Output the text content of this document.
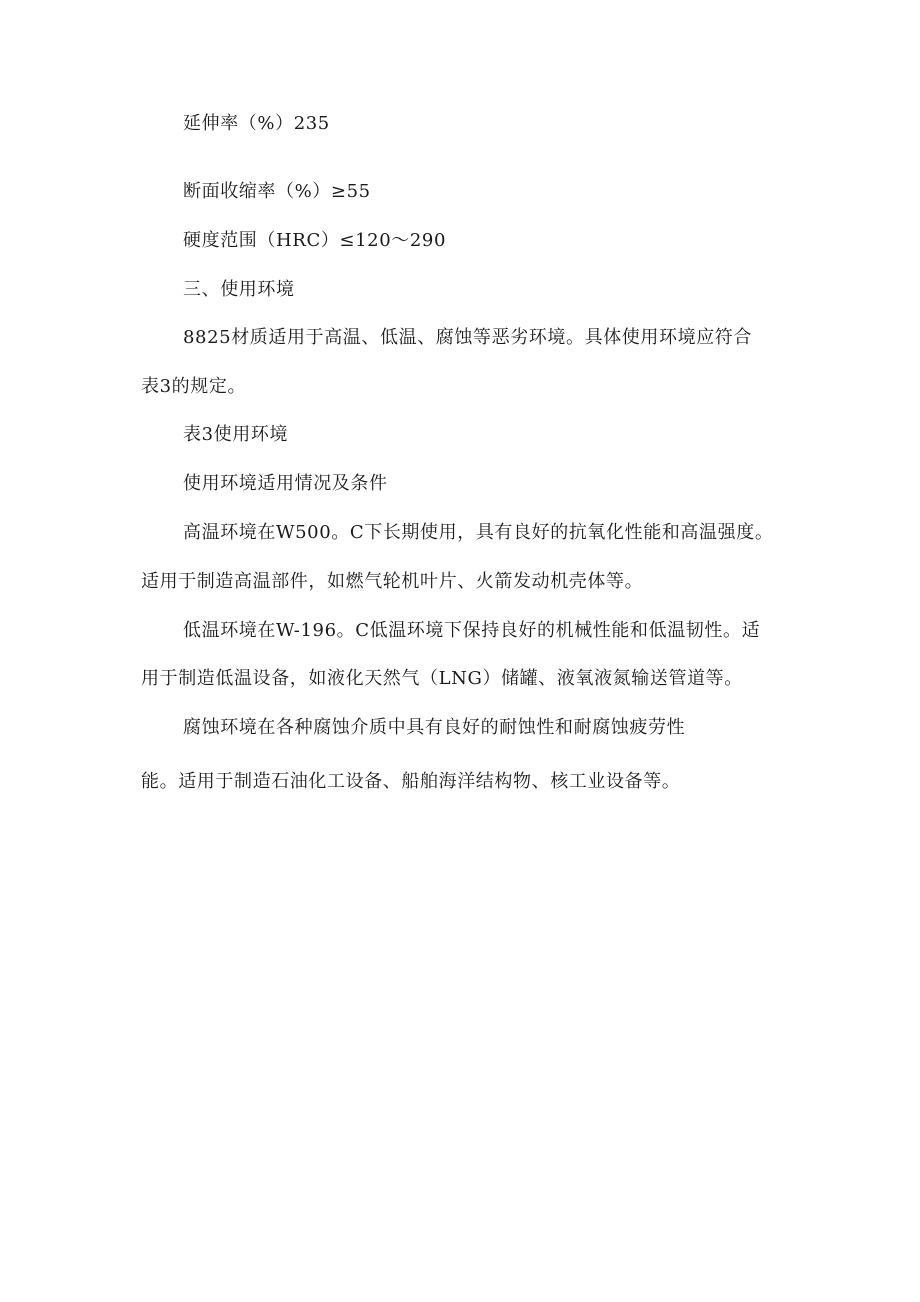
延伸率（%）235
断面收缩率（%）≥55
硬度范围（HRC）≤120～290
三、使用环境
8825材质适用于高温、低温、腐蚀等恶劣环境。具体使用环境应符合
表3的规定。
表3使用环境
使用环境适用情况及条件
高温环境在W500。C下长期使用，具有良好的抗氧化性能和高温强度。
适用于制造高温部件，如燃气轮机叶片、火箭发动机壳体等。
低温环境在W-196。C低温环境下保持良好的机械性能和低温韧性。适
用于制造低温设备，如液化天然气（LNG）储罐、液氧液氮输送管道等。
腐蚀环境在各种腐蚀介质中具有良好的耐蚀性和耐腐蚀疲劳性
能。适用于制造石油化工设备、船舶海洋结构物、核工业设备等。
